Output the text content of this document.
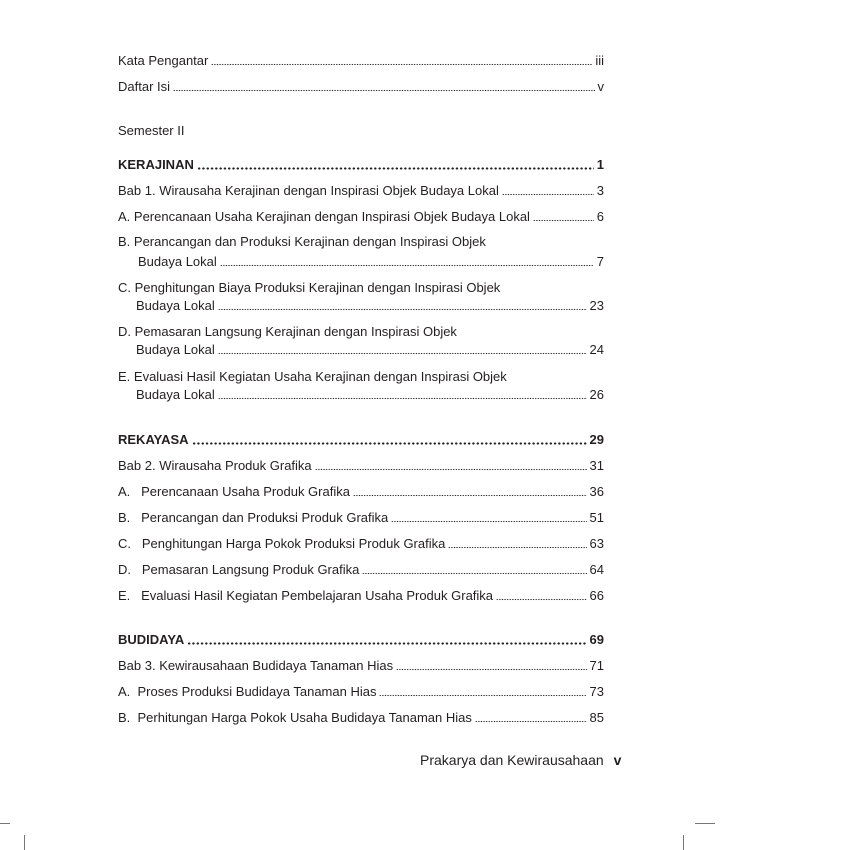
Kata Pengantar	iii
Daftar Isi	v
Semester II
KERAJINAN	1
Bab 1. Wirausaha Kerajinan dengan Inspirasi Objek Budaya Lokal	3
A. Perencanaan Usaha Kerajinan dengan Inspirasi Objek Budaya Lokal	6
B. Perancangan dan Produksi Kerajinan dengan Inspirasi Objek
Budaya Lokal	7
C. Penghitungan Biaya Produksi Kerajinan dengan Inspirasi Objek
Budaya Lokal	23
D. Pemasaran Langsung Kerajinan dengan Inspirasi Objek
Budaya Lokal	24
E. Evaluasi Hasil Kegiatan Usaha Kerajinan dengan Inspirasi Objek
Budaya Lokal	26
REKAYASA	29
Bab 2. Wirausaha Produk Grafika	31
A.   Perencanaan Usaha Produk Grafika	36
B.   Perancangan dan Produksi Produk Grafika	51
C.   Penghitungan Harga Pokok Produksi Produk Grafika	63
D.   Pemasaran Langsung Produk Grafika	64
E.   Evaluasi Hasil Kegiatan Pembelajaran Usaha Produk Grafika	66
BUDIDAYA	69
Bab 3. Kewirausahaan Budidaya Tanaman Hias	71
A.  Proses Produksi Budidaya Tanaman Hias	73
B.  Perhitungan Harga Pokok Usaha Budidaya Tanaman Hias	85
Prakarya dan Kewirausahaan v
